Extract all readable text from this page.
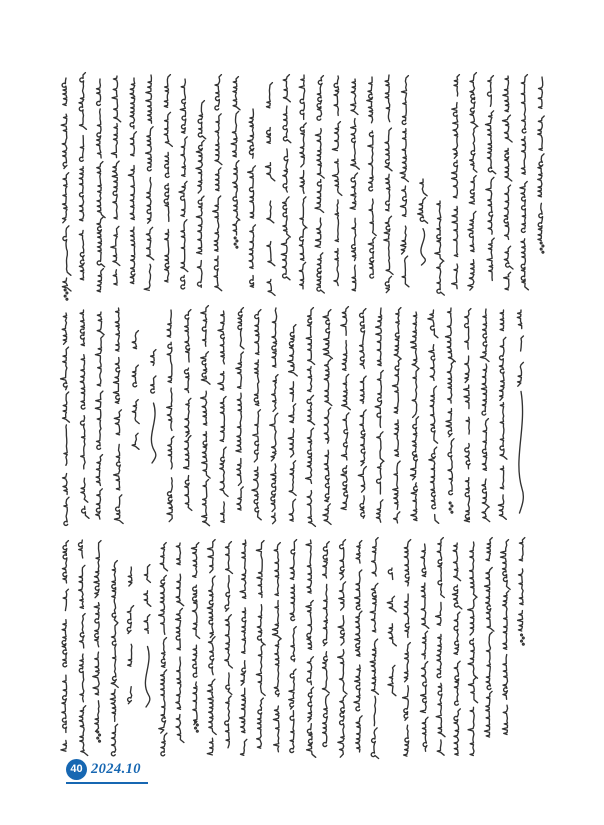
40 2024.10
